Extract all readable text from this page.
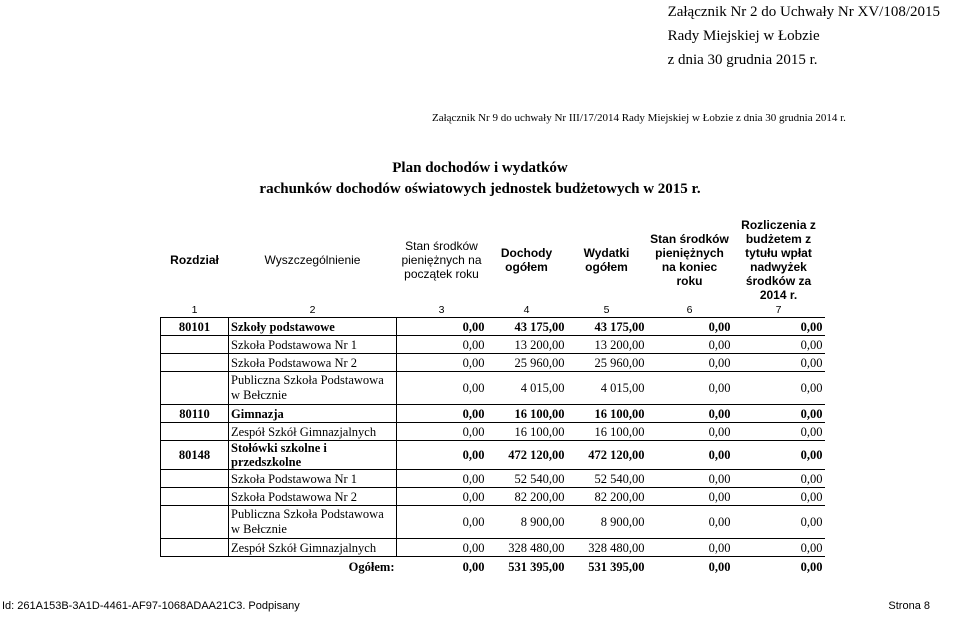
Załącznik Nr 2 do Uchwały Nr XV/108/2015
Rady Miejskiej w Łobzie
z dnia 30 grudnia 2015 r.
Załącznik Nr 9 do uchwały Nr III/17/2014 Rady Miejskiej w Łobzie z dnia 30 grudnia 2014 r.
Plan dochodów i wydatków
rachunków dochodów oświatowych jednostek budżetowych w 2015 r.
Rozdział	Wyszczególnienie	Stan środków pieniężnych na początek roku	Dochody ogółem	Wydatki ogółem	Stan środków pieniężnych na koniec roku	Rozliczenia z budżetem z tytułu wpłat nadwyżek środków za 2014 r.
1	2	3	4	5	6	7
80101	Szkoły podstawowe	0,00	43 175,00	43 175,00	0,00	0,00
	Szkoła Podstawowa Nr 1	0,00	13 200,00	13 200,00	0,00	0,00
	Szkoła Podstawowa Nr 2	0,00	25 960,00	25 960,00	0,00	0,00
	Publiczna Szkoła Podstawowa w Bełcznie	0,00	4 015,00	4 015,00	0,00	0,00
80110	Gimnazja	0,00	16 100,00	16 100,00	0,00	0,00
	Zespół Szkół Gimnazjalnych	0,00	16 100,00	16 100,00	0,00	0,00
80148	Stołówki szkolne i przedszkolne	0,00	472 120,00	472 120,00	0,00	0,00
	Szkoła Podstawowa Nr 1	0,00	52 540,00	52 540,00	0,00	0,00
	Szkoła Podstawowa Nr 2	0,00	82 200,00	82 200,00	0,00	0,00
	Publiczna Szkoła Podstawowa w Bełcznie	0,00	8 900,00	8 900,00	0,00	0,00
	Zespół Szkół Gimnazjalnych	0,00	328 480,00	328 480,00	0,00	0,00
	Ogółem:	0,00	531 395,00	531 395,00	0,00	0,00
Id: 261A153B-3A1D-4461-AF97-1068ADAA21C3. Podpisany	Strona 8
